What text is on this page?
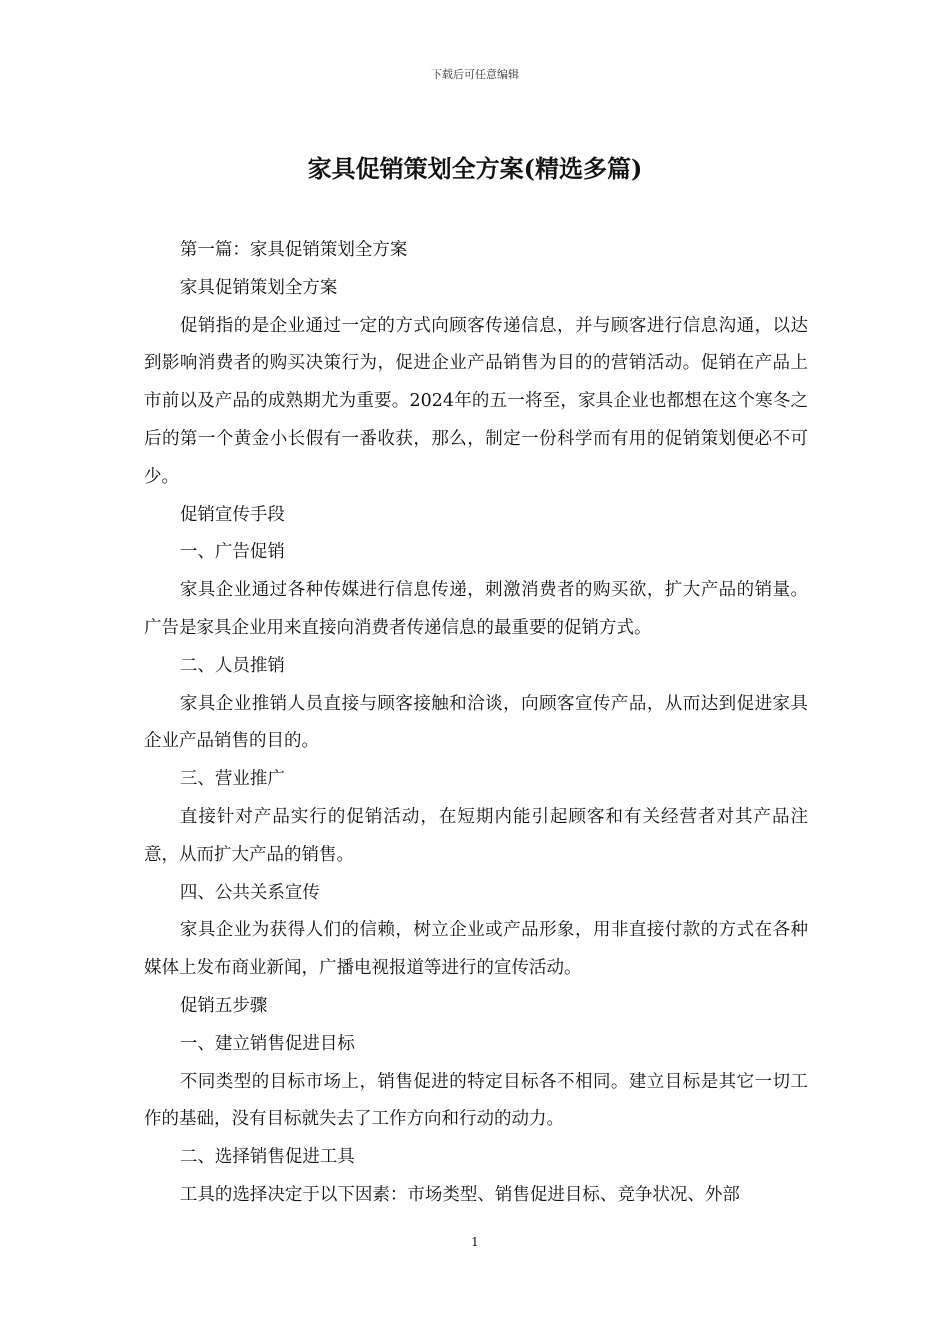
下载后可任意编辑
家具促销策划全方案(精选多篇)

第一篇：家具促销策划全方案

家具促销策划全方案

促销指的是企业通过一定的方式向顾客传递信息，并与顾客进行信息沟通，以达到影响消费者的购买决策行为，促进企业产品销售为目的的营销活动。促销在产品上市前以及产品的成熟期尤为重要。2024年的五一将至，家具企业也都想在这个寒冬之后的第一个黄金小长假有一番收获，那么，制定一份科学而有用的促销策划便必不可少。

促销宣传手段

一、广告促销

家具企业通过各种传媒进行信息传递，刺激消费者的购买欲，扩大产品的销量。广告是家具企业用来直接向消费者传递信息的最重要的促销方式。

二、人员推销

家具企业推销人员直接与顾客接触和洽谈，向顾客宣传产品，从而达到促进家具企业产品销售的目的。

三、营业推广

直接针对产品实行的促销活动，在短期内能引起顾客和有关经营者对其产品注意，从而扩大产品的销售。

四、公共关系宣传

家具企业为获得人们的信赖，树立企业或产品形象，用非直接付款的方式在各种媒体上发布商业新闻，广播电视报道等进行的宣传活动。

促销五步骤

一、建立销售促进目标

不同类型的目标市场上，销售促进的特定目标各不相同。建立目标是其它一切工作的基础，没有目标就失去了工作方向和行动的动力。

二、选择销售促进工具

工具的选择决定于以下因素：市场类型、销售促进目标、竞争状况、外部

1
